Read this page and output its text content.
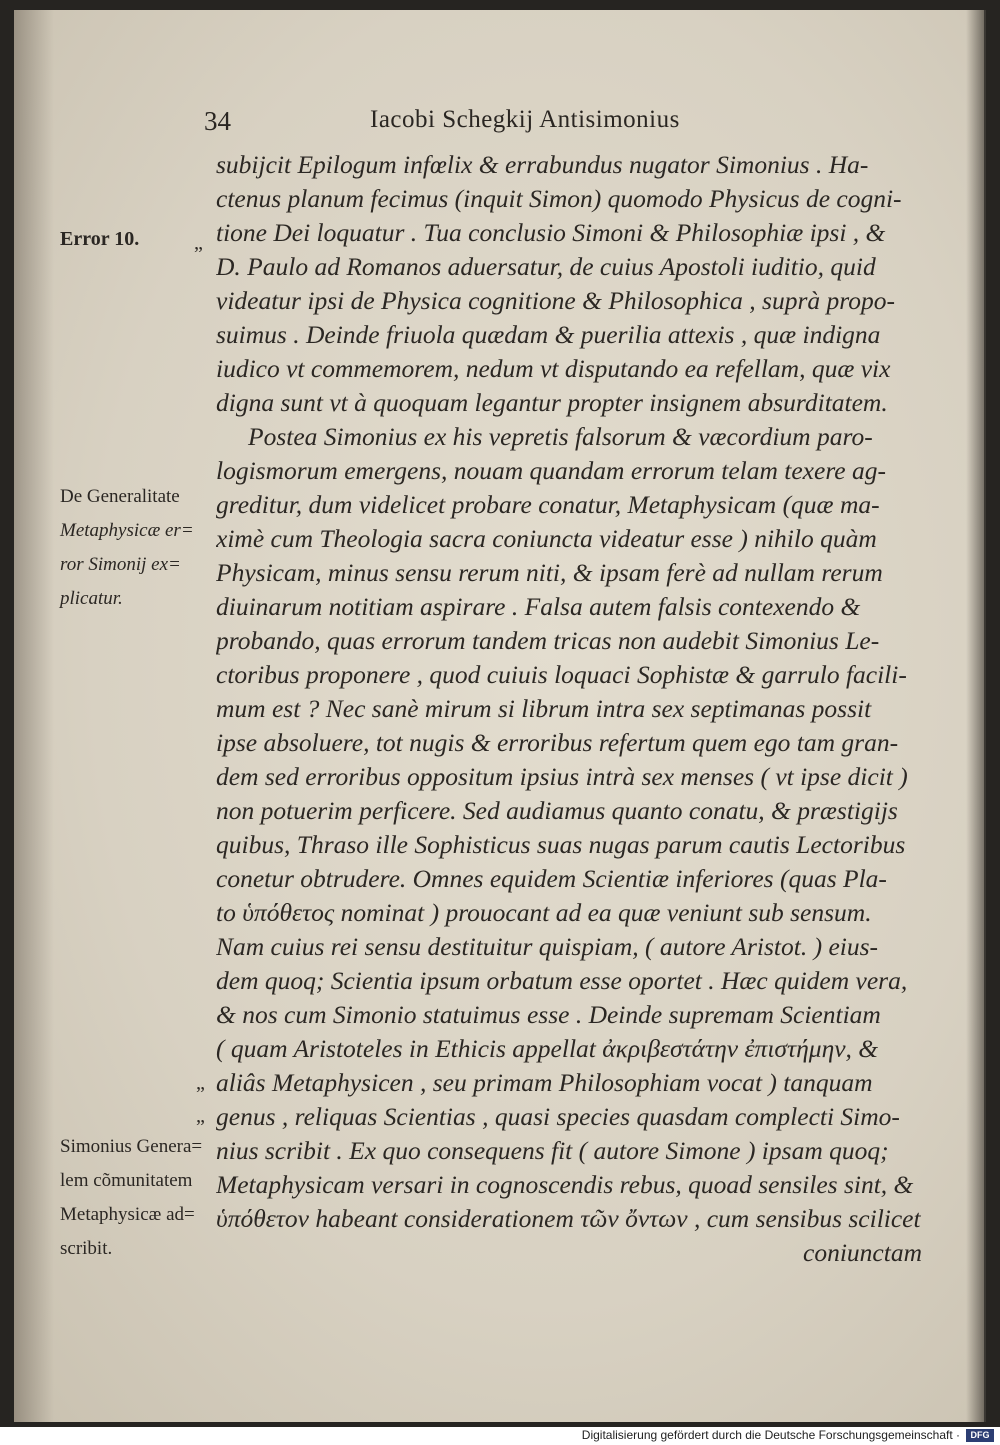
34	Iacobi Schegkij Antisimonius
Error 10.
De Generalitate
Metaphysicæ er=
ror Simonij ex=
plicatur.
Simonius Genera=
lem cõmunitatem
Metaphysicæ ad=
scribit.
„
„
„
subijcit Epilogum infœlix & errabundus nugator Simonius . Ha-
ctenus planum fecimus (inquit Simon) quomodo Physicus de cogni-
tione Dei loquatur . Tua conclusio Simoni & Philosophiæ ipsi , &
D. Paulo ad Romanos aduersatur, de cuius Apostoli iuditio, quid
videatur ipsi de Physica cognitione & Philosophica , suprà propo-
suimus . Deinde friuola quædam & puerilia attexis , quæ indigna
iudico vt commemorem, nedum vt disputando ea refellam, quæ vix
digna sunt vt à quoquam legantur propter insignem absurditatem.
Postea Simonius ex his vepretis falsorum & væcordium paro-
logismorum emergens, nouam quandam errorum telam texere ag-
greditur, dum videlicet probare conatur, Metaphysicam (quæ ma-
ximè cum Theologia sacra coniuncta videatur esse ) nihilo quàm
Physicam, minus sensu rerum niti, & ipsam ferè ad nullam rerum
diuinarum notitiam aspirare . Falsa autem falsis contexendo &
probando, quas errorum tandem tricas non audebit Simonius Le-
ctoribus proponere , quod cuiuis loquaci Sophistæ & garrulo facili-
mum est ? Nec sanè mirum si librum intra sex septimanas possit
ipse absoluere, tot nugis & erroribus refertum quem ego tam gran-
dem sed erroribus oppositum ipsius intrà sex menses ( vt ipse dicit )
non potuerim perficere. Sed audiamus quanto conatu, & præstigijs
quibus, Thraso ille Sophisticus suas nugas parum cautis Lectoribus
conetur obtrudere. Omnes equidem Scientiæ inferiores (quas Pla-
to ὑπόθετος nominat ) prouocant ad ea quæ veniunt sub sensum.
Nam cuius rei sensu destituitur quispiam, ( autore Aristot. ) eius-
dem quoq; Scientia ipsum orbatum esse oportet . Hæc quidem vera,
& nos cum Simonio statuimus esse . Deinde supremam Scientiam
( quam Aristoteles in Ethicis appellat ἀκριβεστάτην ἐπιστήμην, &
aliâs Metaphysicen , seu primam Philosophiam vocat ) tanquam
genus , reliquas Scientias , quasi species quasdam complecti Simo-
nius scribit . Ex quo consequens fit ( autore Simone ) ipsam quoq;
Metaphysicam versari in cognoscendis rebus, quoad sensiles sint, &
ὑπόθετον habeant considerationem τῶν ὄντων , cum sensibus scilicet
coniunctam
Digitalisierung gefördert durch die Deutsche Forschungsgemeinschaft ·	DFG
